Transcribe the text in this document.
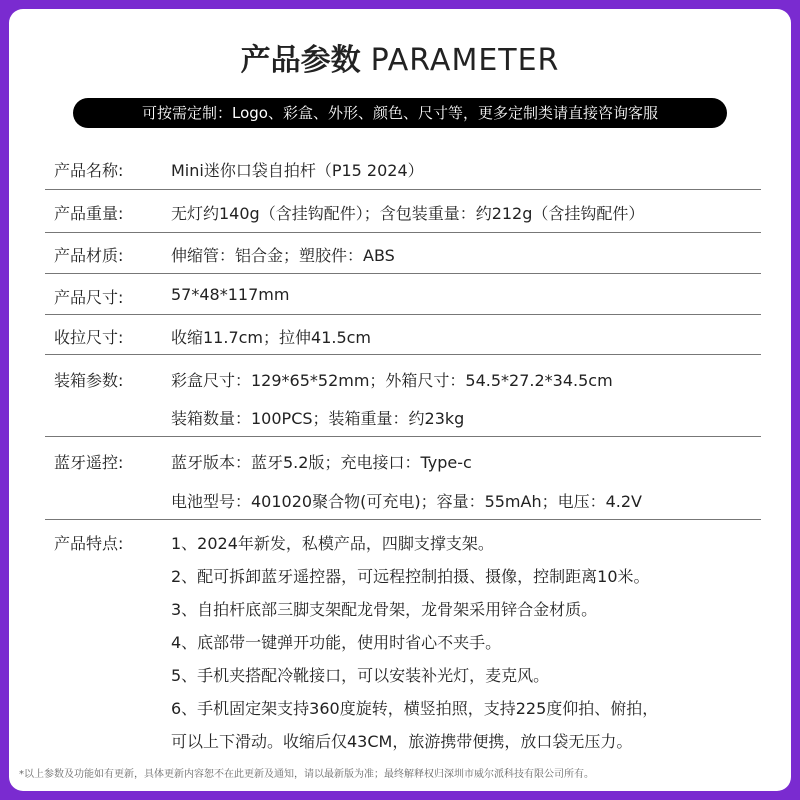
产品参数 PARAMETER
可按需定制：Logo、彩盒、外形、颜色、尺寸等，更多定制类请直接咨询客服
产品名称:	Mini迷你口袋自拍杆（P15 2024）
产品重量:	无灯约140g（含挂钩配件）；含包装重量：约212g（含挂钩配件）
产品材质:	伸缩管：铝合金；塑胶件：ABS
产品尺寸:	57*48*117mm
收拉尺寸:	收缩11.7cm；拉伸41.5cm
装箱参数:	彩盒尺寸：129*65*52mm；外箱尺寸：54.5*27.2*34.5cm
装箱数量：100PCS；装箱重量：约23kg
蓝牙遥控:	蓝牙版本：蓝牙5.2版；充电接口：Type-c
电池型号：401020聚合物(可充电)；容量：55mAh；电压：4.2V
产品特点:	1、2024年新发，私模产品，四脚支撑支架。
2、配可拆卸蓝牙遥控器，可远程控制拍摄、摄像，控制距离10米。
3、自拍杆底部三脚支架配龙骨架，龙骨架采用锌合金材质。
4、底部带一键弹开功能，使用时省心不夹手。
5、手机夹搭配冷靴接口，可以安装补光灯，麦克风。
6、手机固定架支持360度旋转，横竖拍照，支持225度仰拍、俯拍，
可以上下滑动。收缩后仅43CM，旅游携带便携，放口袋无压力。
*以上参数及功能如有更新，具体更新内容恕不在此更新及通知，请以最新版为准；最终解释权归深圳市威尔派科技有限公司所有。
